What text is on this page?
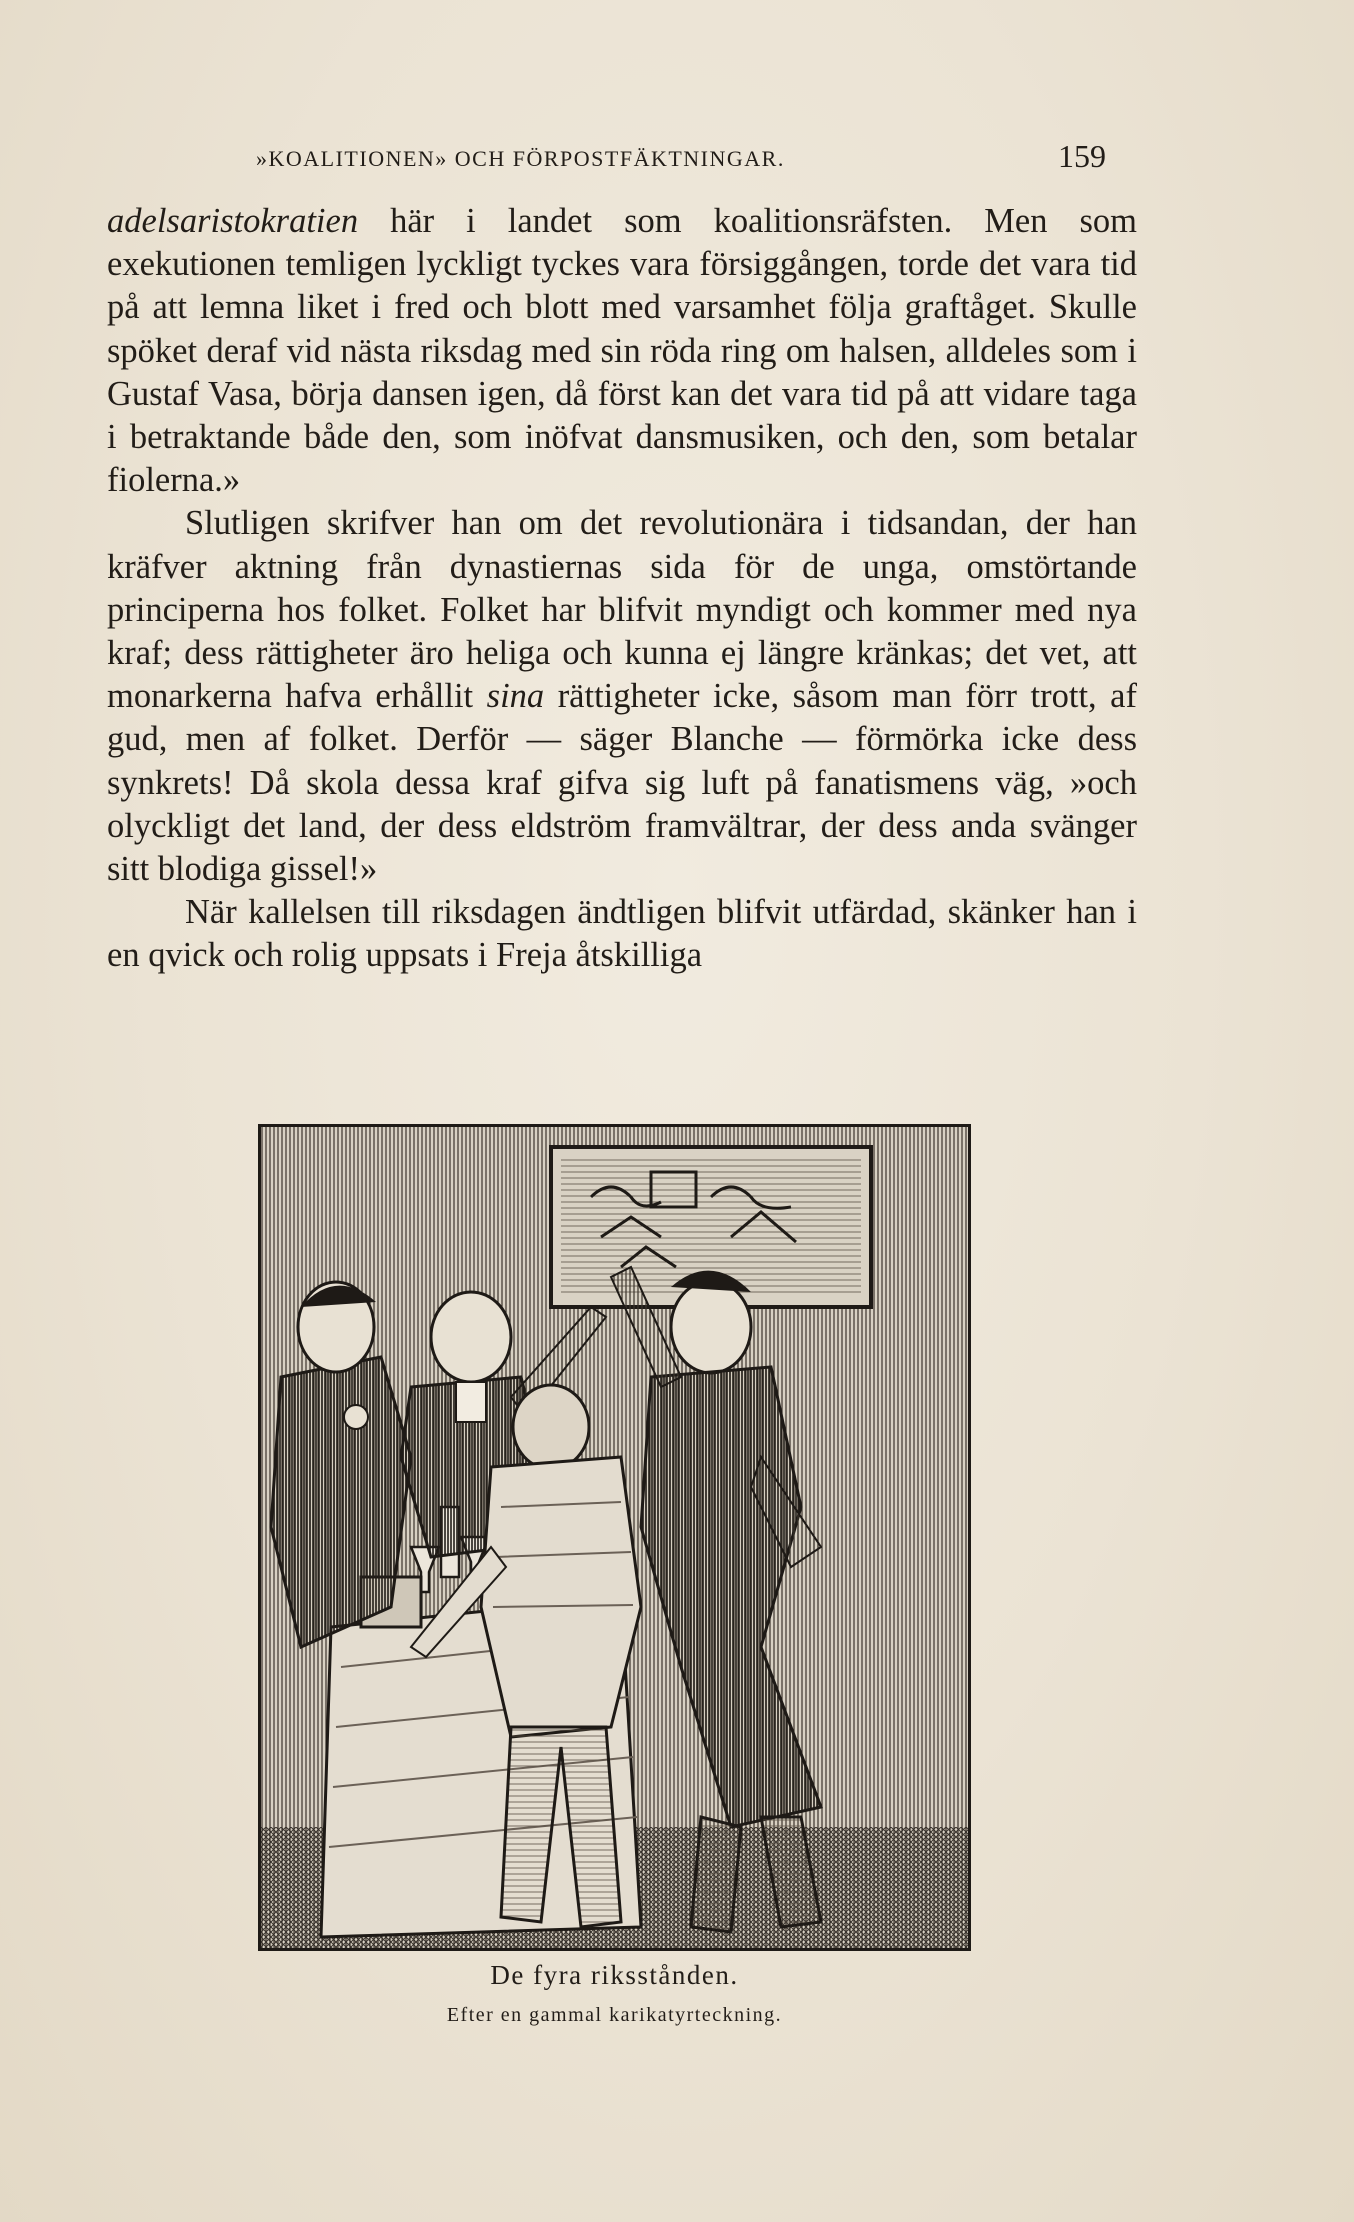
»KOALITIONEN» OCH FÖRPOSTFÄKTNINGAR.	159

adelsaristokratien här i landet som koalitionsräfsten. Men som exekutionen temligen lyckligt tyckes vara försiggången, torde det vara tid på att lemna liket i fred och blott med varsamhet följa graftåget. Skulle spöket deraf vid nästa riksdag med sin röda ring om halsen, alldeles som i Gustaf Vasa, börja dansen igen, då först kan det vara tid på att vidare taga i betraktande både den, som inöfvat dansmusiken, och den, som betalar fiolerna.»

Slutligen skrifver han om det revolutionära i tidsandan, der han kräfver aktning från dynastiernas sida för de unga, omstörtande principerna hos folket. Folket har blifvit myndigt och kommer med nya kraf; dess rättigheter äro heliga och kunna ej längre kränkas; det vet, att monarkerna hafva erhållit sina rättigheter icke, såsom man förr trott, af gud, men af folket. Derför — säger Blanche — förmörka icke dess synkrets! Då skola dessa kraf gifva sig luft på fanatismens väg, »och olyckligt det land, der dess eldström framvältrar, der dess anda svänger sitt blodiga gissel!»

När kallelsen till riksdagen ändtligen blifvit utfärdad, skänker han i en qvick och rolig uppsats i Freja åtskilliga

De fyra riksstånden.
Efter en gammal karikatyrteckning.
